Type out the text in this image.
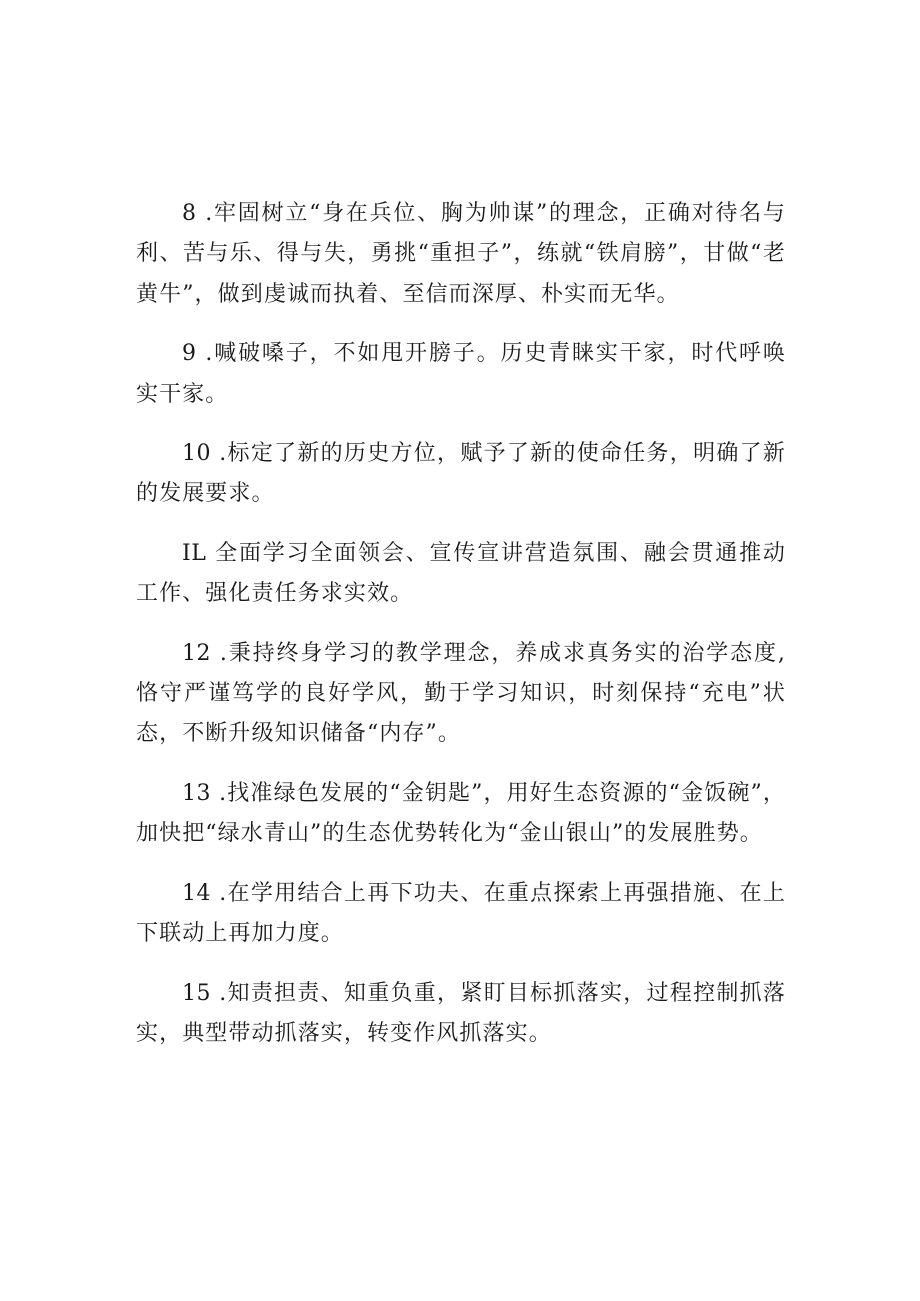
8 .牢固树立“身在兵位、胸为帅谋”的理念，正确对待名与利、苦与乐、得与失，勇挑“重担子”，练就“铁肩膀”，甘做“老黄牛”，做到虔诚而执着、至信而深厚、朴实而无华。

9 .喊破嗓子，不如甩开膀子。历史青睐实干家，时代呼唤实干家。

10 .标定了新的历史方位，赋予了新的使命任务，明确了新的发展要求。

IL 全面学习全面领会、宣传宣讲营造氛围、融会贯通推动工作、强化责任务求实效。

12 .秉持终身学习的教学理念，养成求真务实的治学态度,恪守严谨笃学的良好学风，勤于学习知识，时刻保持“充电”状态，不断升级知识储备“内存”。

13 .找准绿色发展的“金钥匙”，用好生态资源的“金饭碗”，加快把“绿水青山”的生态优势转化为“金山银山”的发展胜势。

14 .在学用结合上再下功夫、在重点探索上再强措施、在上下联动上再加力度。

15 .知责担责、知重负重，紧盯目标抓落实，过程控制抓落实，典型带动抓落实，转变作风抓落实。
